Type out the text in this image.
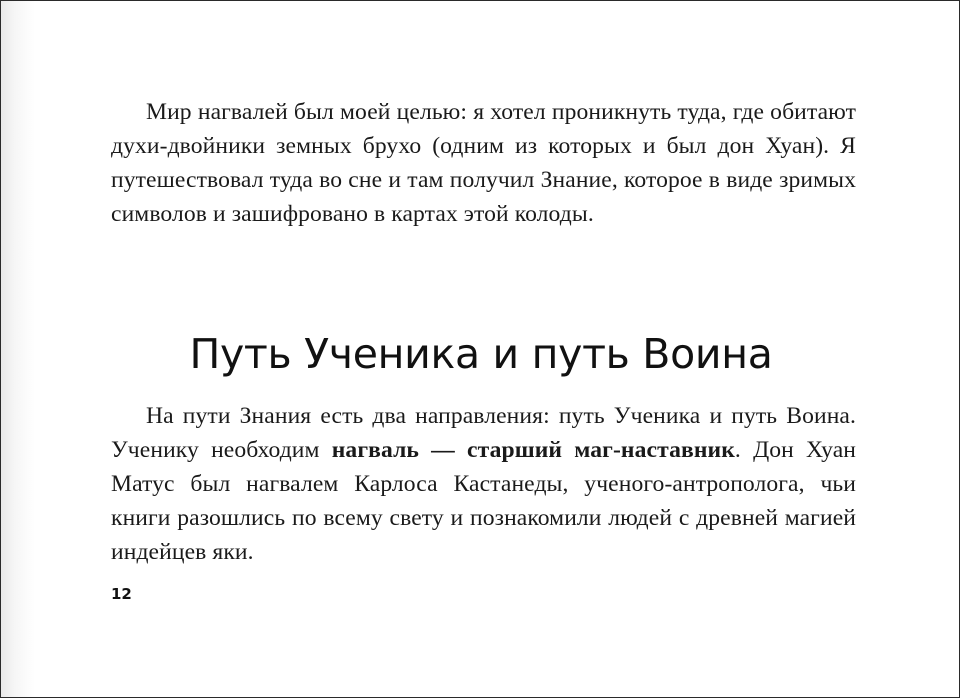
Мир нагвалей был моей целью: я хотел проникнуть туда, где обитают духи-двойники земных брухо (одним из которых и был дон Хуан). Я путешествовал туда во сне и там получил Знание, которое в виде зримых символов и зашифровано в картах этой колоды.

Путь Ученика и путь Воина

На пути Знания есть два направления: путь Ученика и путь Воина. Ученику необходим нагваль — старший маг-наставник. Дон Хуан Матус был нагвалем Карлоса Кастанеды, ученого-антрополога, чьи книги разошлись по всему свету и познакомили людей с древней магией индейцев яки.

12
